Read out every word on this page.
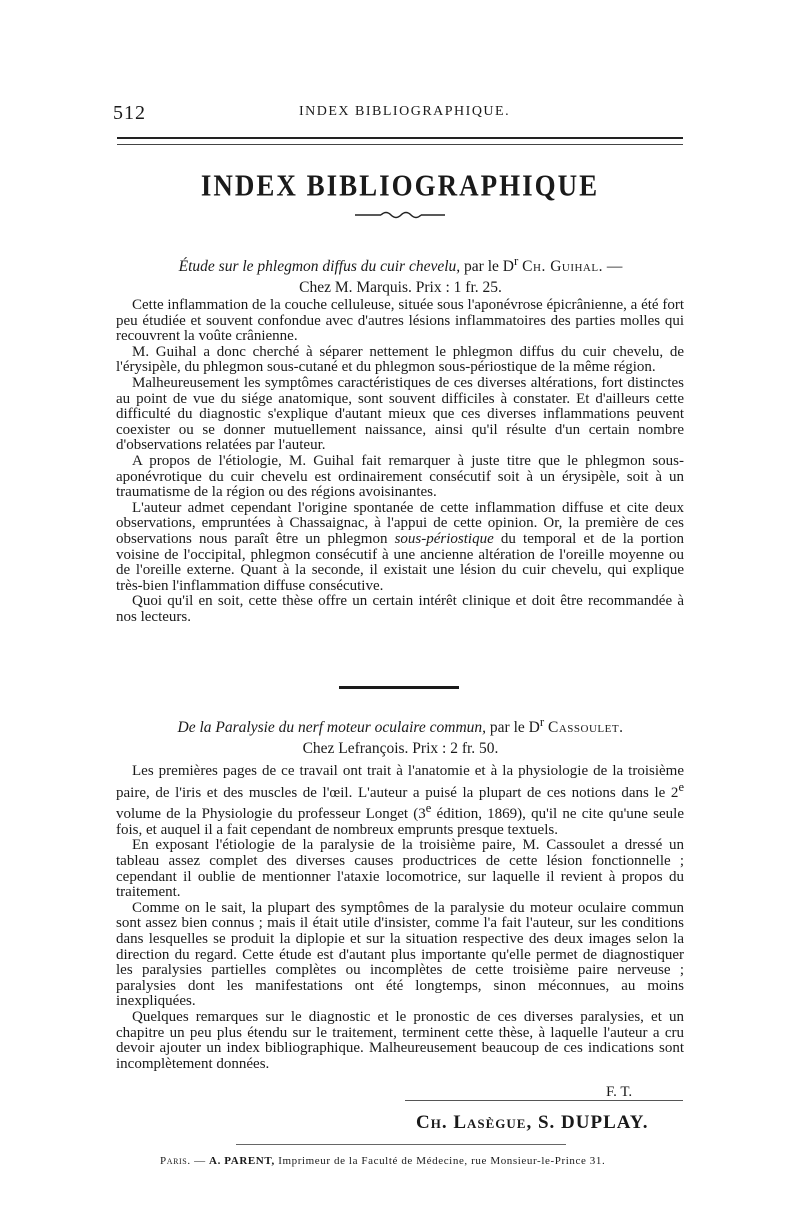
512	INDEX BIBLIOGRAPHIQUE.
INDEX BIBLIOGRAPHIQUE
Étude sur le phlegmon diffus du cuir chevelu, par le $D^r$ Ch. Guihal. —
Chez M. Marquis. Prix : 1 fr. 25.

Cette inflammation de la couche celluleuse, située sous l'aponévrose épicrânienne, a été fort peu étudiée et souvent confondue avec d'autres lésions inflammatoires des parties molles qui recouvrent la voûte crânienne.

M. Guihal a donc cherché à séparer nettement le phlegmon diffus du cuir chevelu, de l'érysipèle, du phlegmon sous-cutané et du phlegmon sous-périostique de la même région.

Malheureusement les symptômes caractéristiques de ces diverses altérations, fort distinctes au point de vue du siége anatomique, sont souvent difficiles à constater. Et d'ailleurs cette difficulté du diagnostic s'explique d'autant mieux que ces diverses inflammations peuvent coexister ou se donner mutuellement naissance, ainsi qu'il résulte d'un certain nombre d'observations relatées par l'auteur.

A propos de l'étiologie, M. Guihal fait remarquer à juste titre que le phlegmon sous-aponévrotique du cuir chevelu est ordinairement consécutif soit à un érysipèle, soit à un traumatisme de la région ou des régions avoisinantes.

L'auteur admet cependant l'origine spontanée de cette inflammation diffuse et cite deux observations, empruntées à Chassaignac, à l'appui de cette opinion. Or, la première de ces observations nous paraît être un phlegmon sous-périostique du temporal et de la portion voisine de l'occipital, phlegmon consécutif à une ancienne altération de l'oreille moyenne ou de l'oreille externe. Quant à la seconde, il existait une lésion du cuir chevelu, qui explique très-bien l'inflammation diffuse consécutive.

Quoi qu'il en soit, cette thèse offre un certain intérêt clinique et doit être recommandée à nos lecteurs.

De la Paralysie du nerf moteur oculaire commun, par le $D^r$ Cassoulet.
Chez Lefrançois. Prix : 2 fr. 50.

Les premières pages de ce travail ont trait à l'anatomie et à la physiologie de la troisième paire, de l'iris et des muscles de l'œil. L'auteur a puisé la plupart de ces notions dans le 2e volume de la Physiologie du professeur Longet (3e édition, 1869), qu'il ne cite qu'une seule fois, et auquel il a fait cependant de nombreux emprunts presque textuels.

En exposant l'étiologie de la paralysie de la troisième paire, M. Cassoulet a dressé un tableau assez complet des diverses causes productrices de cette lésion fonctionnelle ; cependant il oublie de mentionner l'ataxie locomotrice, sur laquelle il revient à propos du traitement.

Comme on le sait, la plupart des symptômes de la paralysie du moteur oculaire commun sont assez bien connus ; mais il était utile d'insister, comme l'a fait l'auteur, sur les conditions dans lesquelles se produit la diplopie et sur la situation respective des deux images selon la direction du regard. Cette étude est d'autant plus importante qu'elle permet de diagnostiquer les paralysies partielles complètes ou incomplètes de cette troisième paire nerveuse ; paralysies dont les manifestations ont été longtemps, sinon méconnues, au moins inexpliquées.

Quelques remarques sur le diagnostic et le pronostic de ces diverses paralysies, et un chapitre un peu plus étendu sur le traitement, terminent cette thèse, à laquelle l'auteur a cru devoir ajouter un index bibliographique. Malheureusement beaucoup de ces indications sont incomplètement données.

F. T.
Ch. Lasègue, S. DUPLAY.
Paris. — A. PARENT, Imprimeur de la Faculté de Médecine, rue Monsieur-le-Prince 31.
